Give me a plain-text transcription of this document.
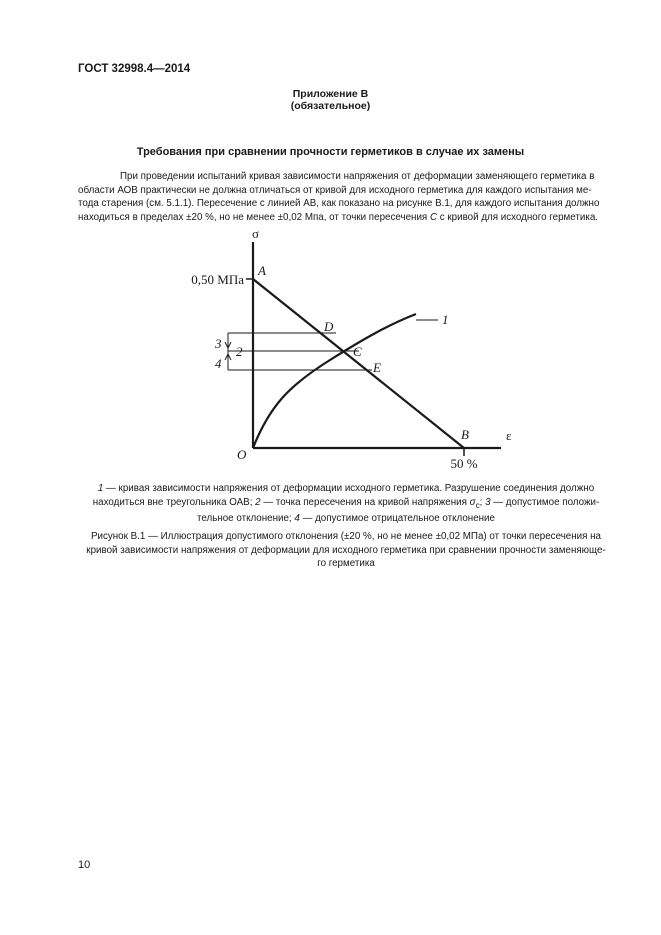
ГОСТ 32998.4—2014
Приложение В
(обязательное)
Требования при сравнении прочности герметиков в случае их замены
При проведении испытаний кривая зависимости напряжения от деформации заменяющего герметика в
области АОВ практически не должна отличаться от кривой для исходного герметика для каждого испытания ме-
тода старения (см. 5.1.1). Пересечение с линией АВ, как показано на рисунке В.1, для каждого испытания должно
находиться в пределах ±20 %, но не менее ±0,02 Мпа, от точки пересечения С с кривой для исходного герметика.
σ
ε
0,50 МПа
50 %
A
B
C
D
E
O
1
2
3
4
1 — кривая зависимости напряжения от деформации исходного герметика. Разрушение соединения должно
находиться вне треугольника ОАВ; 2 — точка пересечения на кривой напряжения $\sigma_с$; 3 — допустимое положи-
тельное отклонение; 4 — допустимое отрицательное отклонение
Рисунок В.1 — Иллюстрация допустимого отклонения (±20 %, но не менее ±0,02 МПа) от точки пересечения на
кривой зависимости напряжения от деформации для исходного герметика при сравнении прочности заменяюще-
го герметика
10
